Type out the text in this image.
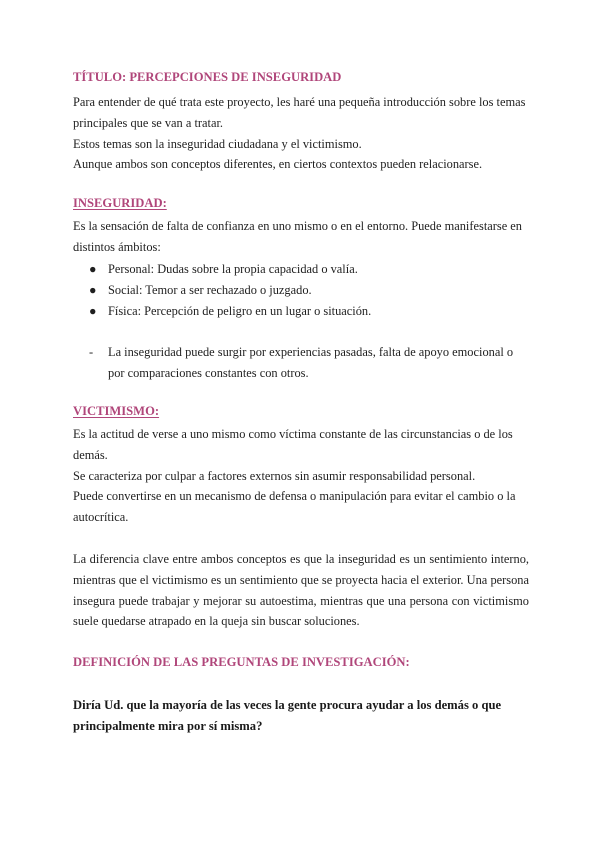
TÍTULO: PERCEPCIONES DE INSEGURIDAD

Para entender de qué trata este proyecto, les haré una pequeña introducción sobre los temas principales que se van a tratar.

Estos temas son la inseguridad ciudadana y el victimismo.

Aunque ambos son conceptos diferentes, en ciertos contextos pueden relacionarse.

INSEGURIDAD:
Es la sensación de falta de confianza en uno mismo o en el entorno. Puede manifestarse en distintos ámbitos:
● Personal: Dudas sobre la propia capacidad o valía.
● Social: Temor a ser rechazado o juzgado.
● Física: Percepción de peligro en un lugar o situación.
-	La inseguridad puede surgir por experiencias pasadas, falta de apoyo emocional o por comparaciones constantes con otros.
VICTIMISMO:

Es la actitud de verse a uno mismo como víctima constante de las circunstancias o de los demás.

Se caracteriza por culpar a factores externos sin asumir responsabilidad personal.

Puede convertirse en un mecanismo de defensa o manipulación para evitar el cambio o la autocrítica.

La diferencia clave entre ambos conceptos es que la inseguridad es un sentimiento interno, mientras que el victimismo es un sentimiento que se proyecta hacia el exterior. Una persona insegura puede trabajar y mejorar su autoestima, mientras que una persona con victimismo suele quedarse atrapado en la queja sin buscar soluciones.
DEFINICIÓN DE LAS PREGUNTAS DE INVESTIGACIÓN:
Diría Ud. que la mayoría de las veces la gente procura ayudar a los demás o que principalmente mira por sí misma?
